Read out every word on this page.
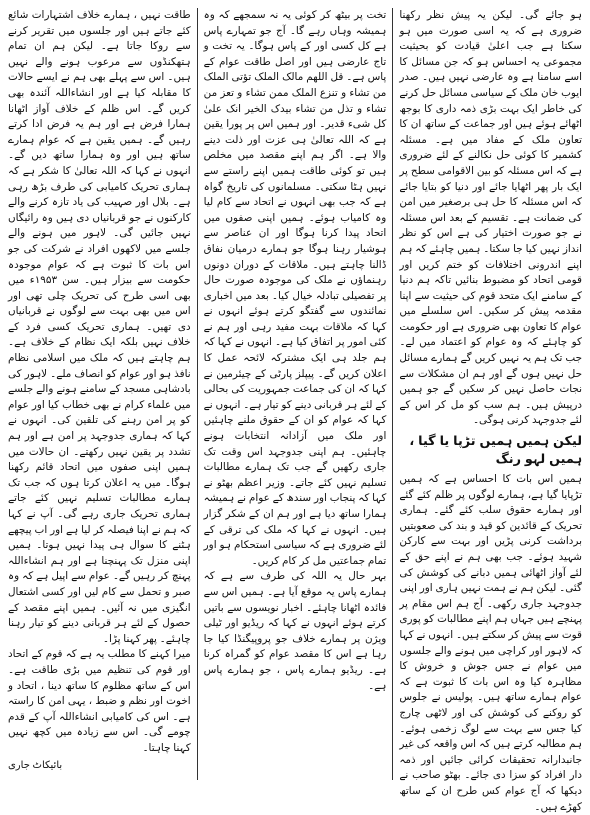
ہو جائے گی۔ لیکن یہ پیش نظر رکھنا ضروری ہے کہ یہ اسی صورت میں ہو سکتا ہے جب اعلیٰ قیادت کو بحیثیت مجموعی یہ احساس ہو کہ جن مسائل کا اسے سامنا ہے وہ عارضی نہیں ہیں۔ صدر ایوب خان ملک کے سیاسی مسائل حل کرنے کی خاطر ایک بہت بڑی ذمہ داری کا بوجھ اٹھائے ہوئے ہیں اور جماعت کے ساتھ ان کا تعاون ملک کے مفاد میں ہے۔ مسئلہ کشمیر کا کوئی حل نکالنے کے لئے ضروری ہے کہ اس مسئلہ کو بین الاقوامی سطح پر ایک بار پھر اٹھایا جائے اور دنیا کو بتایا جائے کہ اس مسئلہ کا حل ہی برصغیر میں امن کی ضمانت ہے۔ تقسیم کے بعد اس مسئلہ نے جو صورت اختیار کی ہے اس کو نظر انداز نہیں کیا جا سکتا۔ ہمیں چاہئے کہ ہم اپنے اندرونی اختلافات کو ختم کریں اور قومی اتحاد کو مضبوط بنائیں تاکہ ہم دنیا کے سامنے ایک متحد قوم کی حیثیت سے اپنا مقدمہ پیش کر سکیں۔ اس سلسلے میں عوام کا تعاون بھی ضروری ہے اور حکومت کو چاہئے کہ وہ عوام کو اعتماد میں لے۔ جب تک ہم یہ نہیں کریں گے ہمارے مسائل حل نہیں ہوں گے اور ہم ان مشکلات سے نجات حاصل نہیں کر سکیں گے جو ہمیں درپیش ہیں۔ ہم سب کو مل کر اس کے لئے جدوجہد کرنی ہوگی۔

لیکن ہمیں ہمیں تڑپا یا گیا ، ہمیں لہو رنگ

ہمیں اس بات کا احساس ہے کہ ہمیں تڑپایا گیا ہے، ہمارے لوگوں پر ظلم کئے گئے اور ہمارے حقوق سلب کئے گئے۔ ہماری تحریک کے قائدین کو قید و بند کی صعوبتیں برداشت کرنی پڑیں اور بہت سے کارکن شہید ہوئے۔ جب بھی ہم نے اپنے حق کے لئے آواز اٹھائی ہمیں دبانے کی کوشش کی گئی۔ لیکن ہم نے ہمت نہیں ہاری اور اپنی جدوجہد جاری رکھی۔ آج ہم اس مقام پر پہنچے ہیں جہاں ہم اپنے مطالبات کو پوری قوت سے پیش کر سکتے ہیں۔ انہوں نے کہا کہ لاہور اور کراچی میں ہونے والے جلسوں میں عوام نے جس جوش و خروش کا مظاہرہ کیا وہ اس بات کا ثبوت ہے کہ عوام ہمارے ساتھ ہیں۔ پولیس نے جلوس کو روکنے کی کوشش کی اور لاٹھی چارج کیا جس سے بہت سے لوگ زخمی ہوئے۔ ہم مطالبہ کرتے ہیں کہ اس واقعہ کی غیر جانبدارانہ تحقیقات کرائی جائیں اور ذمہ دار افراد کو سزا دی جائے۔ بھٹو صاحب نے دیکھا کہ آج عوام کس طرح ان کے ساتھ کھڑے ہیں۔

تخت پر بیٹھ کر کوئی یہ نہ سمجھے کہ وہ ہمیشہ وہاں رہے گا۔ آج جو تمہارے پاس ہے کل کسی اور کے پاس ہوگا۔ یہ تخت و تاج عارضی ہیں اور اصل طاقت عوام کے پاس ہے۔ قل اللھم مالک الملک تؤتی الملک من تشاء و تنزع الملک ممن تشاء و تعز من تشاء و تذل من تشاء بیدک الخیر انک علیٰ کل شیء قدیر۔ اور ہمیں اس پر پورا یقین ہے کہ اللہ تعالیٰ ہی عزت اور ذلت دینے والا ہے۔ اگر ہم اپنے مقصد میں مخلص ہیں تو کوئی طاقت ہمیں اپنے راستے سے نہیں ہٹا سکتی۔ مسلمانوں کی تاریخ گواہ ہے کہ جب بھی انہوں نے اتحاد سے کام لیا وہ کامیاب ہوئے۔ ہمیں اپنی صفوں میں اتحاد پیدا کرنا ہوگا اور ان عناصر سے ہوشیار رہنا ہوگا جو ہمارے درمیان نفاق ڈالنا چاہتے ہیں۔ ملاقات کے دوران دونوں رہنماؤں نے ملک کی موجودہ صورت حال پر تفصیلی تبادلہ خیال کیا۔ بعد میں اخباری نمائندوں سے گفتگو کرتے ہوئے انہوں نے کہا کہ ملاقات بہت مفید رہی اور ہم نے کئی امور پر اتفاق کیا ہے۔ انہوں نے کہا کہ ہم جلد ہی ایک مشترکہ لائحہ عمل کا اعلان کریں گے۔ پیپلز پارٹی کے چیئرمین نے کہا کہ ان کی جماعت جمہوریت کی بحالی کے لئے ہر قربانی دینے کو تیار ہے۔ انہوں نے کہا کہ عوام کو ان کے حقوق ملنے چاہئیں اور ملک میں آزادانہ انتخابات ہونے چاہئیں۔ ہم اپنی جدوجہد اس وقت تک جاری رکھیں گے جب تک ہمارے مطالبات تسلیم نہیں کئے جاتے۔ وزیر اعظم بھٹو نے کہا کہ پنجاب اور سندھ کے عوام نے ہمیشہ ہمارا ساتھ دیا ہے اور ہم ان کے شکر گزار ہیں۔ انہوں نے کہا کہ ملک کی ترقی کے لئے ضروری ہے کہ سیاسی استحکام ہو اور تمام جماعتیں مل کر کام کریں۔

بہر حال یہ اللہ کی طرف سے ہے کہ ہمارے پاس یہ موقع آیا ہے۔ ہمیں اس سے فائدہ اٹھانا چاہئے۔ اخبار نویسوں سے باتیں کرتے ہوئے انہوں نے کہا کہ ریڈیو اور ٹیلی ویژن پر ہمارے خلاف جو پروپیگنڈا کیا جا رہا ہے اس کا مقصد عوام کو گمراہ کرنا ہے۔ ریڈیو ہمارے پاس ، جو ہمارے پاس ہے۔

طاقت نہیں ، ہمارے خلاف اشتہارات شائع کئے جاتے ہیں اور جلسوں میں تقریر کرنے سے روکا جاتا ہے۔ لیکن ہم ان تمام ہتھکنڈوں سے مرعوب ہونے والے نہیں ہیں۔ اس سے پہلے بھی ہم نے ایسے حالات کا مقابلہ کیا ہے اور انشاءاللہ آئندہ بھی کریں گے۔ اس ظلم کے خلاف آواز اٹھانا ہمارا فرض ہے اور ہم یہ فرض ادا کرتے رہیں گے۔ ہمیں یقین ہے کہ عوام ہمارے ساتھ ہیں اور وہ ہمارا ساتھ دیں گے۔ انہوں نے کہا کہ اللہ تعالیٰ کا شکر ہے کہ ہماری تحریک کامیابی کی طرف بڑھ رہی ہے۔ بلال اور صہیب کی یاد تازہ کرنے والے کارکنوں نے جو قربانیاں دی ہیں وہ رائیگاں نہیں جائیں گی۔ لاہور میں ہونے والے جلسے میں لاکھوں افراد نے شرکت کی جو اس بات کا ثبوت ہے کہ عوام موجودہ حکومت سے بیزار ہیں۔ سن ۱۹۵۳ء میں بھی اسی طرح کی تحریک چلی تھی اور اس میں بھی بہت سے لوگوں نے قربانیاں دی تھیں۔ ہماری تحریک کسی فرد کے خلاف نہیں بلکہ ایک نظام کے خلاف ہے۔ ہم چاہتے ہیں کہ ملک میں اسلامی نظام نافذ ہو اور عوام کو انصاف ملے۔ لاہور کی بادشاہی مسجد کے سامنے ہونے والے جلسے میں علماء کرام نے بھی خطاب کیا اور عوام کو پر امن رہنے کی تلقین کی۔ انہوں نے کہا کہ ہماری جدوجہد پر امن ہے اور ہم تشدد پر یقین نہیں رکھتے۔ ان حالات میں ہمیں اپنی صفوں میں اتحاد قائم رکھنا ہوگا۔ میں یہ اعلان کرتا ہوں کہ جب تک ہمارے مطالبات تسلیم نہیں کئے جاتے ہماری تحریک جاری رہے گی۔ آپ نے کہا کہ ہم نے اپنا فیصلہ کر لیا ہے اور اب پیچھے ہٹنے کا سوال ہی پیدا نہیں ہوتا۔ ہمیں اپنی منزل تک پہنچنا ہے اور ہم انشاءاللہ پہنچ کر رہیں گے۔ عوام سے اپیل ہے کہ وہ صبر و تحمل سے کام لیں اور کسی اشتعال انگیزی میں نہ آئیں۔ ہمیں اپنے مقصد کے حصول کے لئے ہر قربانی دینے کو تیار رہنا چاہئے۔ پھر کہنا پڑا۔

میرا کہنے کا مطلب یہ ہے کہ قوم کے اتحاد اور قوم کی تنظیم میں بڑی طاقت ہے۔ اس کے ساتھ مظلوم کا ساتھ دینا ، اتحاد و اخوت اور نظم و ضبط ، یہی امن کا راستہ ہے۔ اس کی کامیابی انشاءاللہ آپ کے قدم چومے گی۔ اس سے زیادہ میں کچھ نہیں کہنا چاہتا۔

بائیکاٹ جاری
